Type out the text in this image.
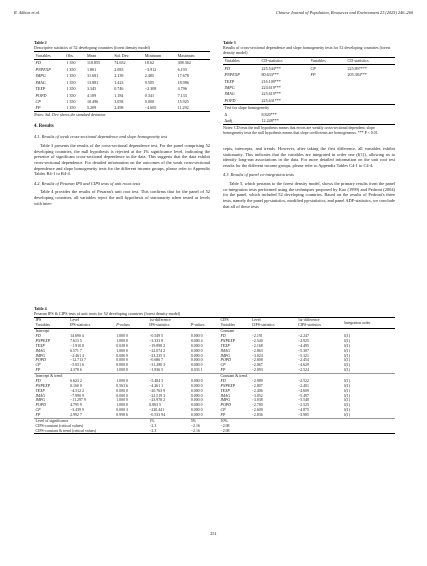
R. Akhtar et al.	Chinese Journal of Population, Resources and Environment 23 (2025) 246–260
Table 2
Descriptive statistics of 52 developing countries (forest density model)
Variables	Obs.	Mean	Std. Dev.	Minimum	Maximum
FD	1 350	110.855	74.652	18.62	308.362
PNPEXP	1 350	1.861	2.083	−3.912	6.193
IMPG	1 350	31.681	2.139	2.485	17.678
IMAG	1 350	13.881	1.423	9.505	18.986
TEXP	1 350	3.345	0.746	−2.308	4.796
POPD	1 350	4.109	1.184	0.341	7.133
CP	1 350	10.496	3.058	0.000	15.925
FP	1 350	5.209	2.498	−4.605	11.292
Notes: Std. Dev. shows the standard deviation.
4. Results
4.1. Results of weak cross-sectional dependence and slope homogeneity test

Table 3 presents the results of the cross-sectional dependence test. For the panel comprising 52 developing countries, the null hypothesis is rejected at the 1% significance level, indicating the presence of significant cross-sectional dependence in the data. This suggests that the data exhibit cross-sectional dependence. For detailed information on the outcomes of the weak cross-sectional dependence and slope homogeneity tests for the different income groups, please refer to Appendix Tables B4-1 to B4-4.

4.2. Results of Pesaran IPS and CIPS tests of unit roots tests

Table 4 provides the results of Pesaran's unit root test. This confirms that for the panel of 52 developing countries, all variables reject the null hypothesis of stationarity when tested at levels with inter-

Table 3
Results of cross-sectional dependence and slope homogeneity tests for 52 developing countries (forest density model)
Variables	CD-statistics	Variables	CD-statistics
FD	225.544***	CP	225.897***
PNPEXP	80.633***	FP	205.384***
TEXP	216.109***		
IMPG	224.619***		
IMAG	225.619***		
POPD	225.631***		
Test for slope homogeneity			
Δ	8.820***		
Δadj	12.248***		
Notes: CD tests the null hypothesis means that errors are weakly cross-sectional dependent; slope homogeneity tests the null hypothesis means that slope coefficients are homogeneous. *** P < 0.01.

cepts, intercepts, and trends. However, after taking the first difference, all variables exhibit stationarity. This indicates that the variables are integrated in order one (I(1)), allowing us to identify long-run associations in the data. For more detailed information on the unit root test results for the different income groups, please refer to Appendix Tables C4-1 to C4-4.

4.3. Results of panel co-integration tests

Table 5, which pertains to the forest density model, shows the primary results from the panel co-integration tests performed using the techniques proposed by Kao (1999) and Pedroni (2004) for the panel, which included 52 developing countries. Based on the results of Pedroni's three tests, namely the panel pp-statistics, modified pp-statistics, and panel ADF-statistics, we conclude that all of these tests

Table 4
Pesaran IPS & CIPS tests of unit roots for 52 developing countries (forest density model)
IPS	Level		1st-difference		CIPS	Level	1st-difference	Integration order
Variables	IPS-statistics	P-values	IPS-statistics	P-values	Variables	CIPS-statistics	CIPS-statistics	
Intercept					Constant			
FD	14.690 4	1.000 0	−0.549 5	0.000 0	FD	−2.191	−2.247	I(1)
PNPEXP	7.613 5	1.000 0	−3.333 8	0.000 4	PNPEXP	−2.540	−2.925	I(1)
TEXP	−1.910 8	0.028 0	−19.898 2	0.000 0	TEXP	−2.168	−4.495	I(1)
IMAG	6.571 7	1.000 0	−22.074 2	0.000 0	IMAG	−2.863	−5.307	I(1)
IMPG	−2.461 4	0.006 9	−23.235 3	0.000 0	IMPG	−3.024	−5.321	I(1)
POPD	−12.713 7	0.000 0	−0.686 7	0.000 0	POPD	−2.808	−2.454	I(1)
CP	−5.651 6	0.000 0	−31.280 3	0.000 0	CP	−2.067	−4.629	I(1)
FP	4.378 6	1.000 0	−1.836 5	0.033 1	FP	−2.093	−2.524	I(1)
Intercept & trend					Constant & trend			
FD	6.623 2	1.000 0	−5.484 3	0.000 0	FD	−2.989	−2.522	I(1)
PNPEXP	0.160 0	0.563 6	−4.261 1	0.000 0	PNPEXP	−2.807	−2.401	I(1)
TEXP	−4.512 2	0.000 0	−20.763 9	0.000 0	TEXP	−2.406	−4.609	I(1)
IMAG	−7.990 9	0.000 0	−22.519 3	0.000 0	IMAG	−3.052	−5.497	I(1)
IMPG	−11.297 9	1.000 0	−23.978 2	0.000 0	IMPG	−3.038	−5.548	I(1)
POPD	4.795 9	1.000 0	0.863 5	0.000 0	POPD	−2.780	−2.525	I(1)
CP	−3.439 9	0.000 3	−220.441	0.000 0	CP	−2.609	−4.875	I(1)
FP	2.992 7	0.998 6	−0.533 94	0.000 0	FP	−2.836	−3.985	I(1)
Level of significance			1%	5%	10%			
CIPS-constant (critical values)			−2.3	−2.16	−2.08			
CIPS-constant & trend (critical values)			−2.3	−2.16	−2.08			
251
